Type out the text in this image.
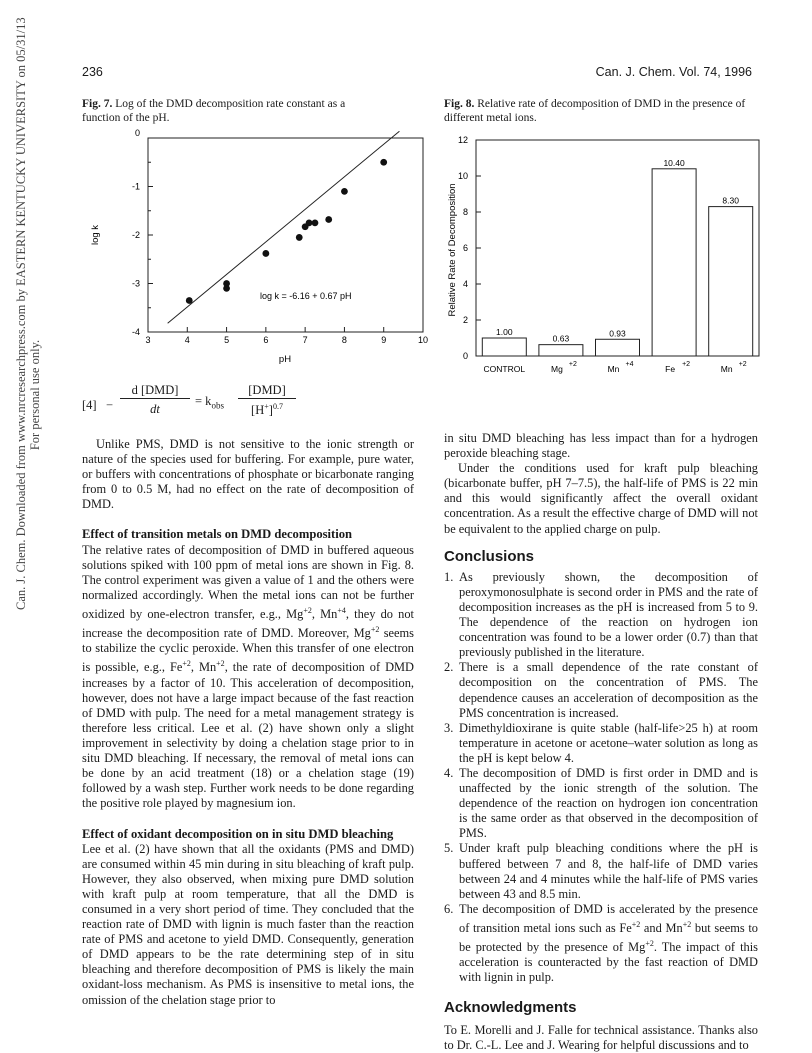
Can. J. Chem. Downloaded from www.nrcresearchpress.com by EASTERN KENTUCKY UNIVERSITY on 05/31/13 For personal use only.
236	Can. J. Chem. Vol. 74, 1996
Fig. 7. Log of the DMD decomposition rate constant as a function of the pH.
3	4	5	6	7	8	9	10
0
-1
-2
-3
-4
log k = -6.16 + 0.67 pH
log k
pH
Fig. 8. Relative rate of decomposition of DMD in the presence of different metal ions.
0
2
4
6
8
10
12
1.00
CONTROL
0.63
Mg +2
0.93
Mn +4
10.40
Fe +2
8.30
Mn +2
Relative Rate of Decomposition
[4] −
d [DMD]
dt
= $k_{obs}$
[DMD]
$[H^+]^{0.7}$

Unlike PMS, DMD is not sensitive to the ionic strength or nature of the species used for buffering. For example, pure water, or buffers with concentrations of phosphate or bicarbonate ranging from 0 to 0.5 M, had no effect on the rate of decomposition of DMD.

Effect of transition metals on DMD decomposition

The relative rates of decomposition of DMD in buffered aqueous solutions spiked with 100 ppm of metal ions are shown in Fig. 8. The control experiment was given a value of 1 and the others were normalized accordingly. When the metal ions can not be further oxidized by one-electron transfer, e.g., $Mg^{+2}$, $Mn^{+4}$, they do not increase the decomposition rate of DMD. Moreover, $Mg^{+2}$ seems to stabilize the cyclic peroxide. When this transfer of one electron is possible, e.g., $Fe^{+2}$, $Mn^{+2}$, the rate of decomposition of DMD increases by a factor of 10. This acceleration of decomposition, however, does not have a large impact because of the fast reaction of DMD with pulp. The need for a metal management strategy is therefore less critical. Lee et al. (2) have shown only a slight improvement in selectivity by doing a chelation stage prior to in situ DMD bleaching. If necessary, the removal of metal ions can be done by an acid treatment (18) or a chelation stage (19) followed by a wash step. Further work needs to be done regarding the positive role played by magnesium ion.

Effect of oxidant decomposition on in situ DMD bleaching

Lee et al. (2) have shown that all the oxidants (PMS and DMD) are consumed within 45 min during in situ bleaching of kraft pulp. However, they also observed, when mixing pure DMD solution with kraft pulp at room temperature, that all the DMD is consumed in a very short period of time. They concluded that the reaction rate of DMD with lignin is much faster than the reaction rate of PMS and acetone to yield DMD. Consequently, generation of DMD appears to be the rate determining step of in situ bleaching and therefore decomposition of PMS is likely the main oxidant-loss mechanism. As PMS is insensitive to metal ions, the omission of the chelation stage prior to

in situ DMD bleaching has less impact than for a hydrogen peroxide bleaching stage.

Under the conditions used for kraft pulp bleaching (bicarbonate buffer, pH 7–7.5), the half-life of PMS is 22 min and this would significantly affect the overall oxidant concentration. As a result the effective charge of DMD will not be equivalent to the applied charge on pulp.

Conclusions

1. As previously shown, the decomposition of peroxymonosulphate is second order in PMS and the rate of decomposition increases as the pH is increased from 5 to 9. The dependence of the reaction on hydrogen ion concentration was found to be a lower order (0.7) than that previously published in the literature.
2. There is a small dependence of the rate constant of decomposition on the concentration of PMS. The dependence causes an acceleration of decomposition as the PMS concentration is increased.
3. Dimethyldioxirane is quite stable (half-life>25 h) at room temperature in acetone or acetone–water solution as long as the pH is kept below 4.
4. The decomposition of DMD is first order in DMD and is unaffected by the ionic strength of the solution. The dependence of the reaction on hydrogen ion concentration is the same order as that observed in the decomposition of PMS.
5. Under kraft pulp bleaching conditions where the pH is buffered between 7 and 8, the half-life of DMD varies between 24 and 4 minutes while the half-life of PMS varies between 43 and 8.5 min.
6. The decomposition of DMD is accelerated by the presence of transition metal ions such as $Fe^{+2}$ and $Mn^{+2}$ but seems to be protected by the presence of $Mg^{+2}$. The impact of this acceleration is counteracted by the fast reaction of DMD with lignin in pulp.

Acknowledgments

To E. Morelli and J. Falle for technical assistance. Thanks also to Dr. C.-L. Lee and J. Wearing for helpful discussions and to
